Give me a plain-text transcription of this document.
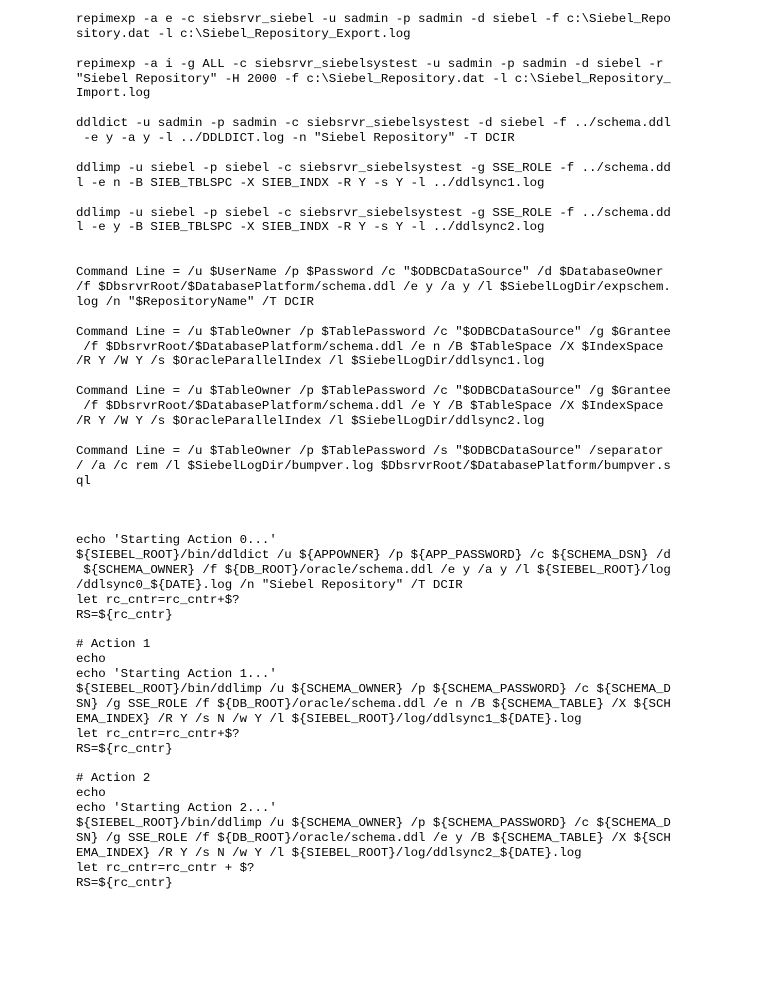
repimexp -a e -c siebsrvr_siebel -u sadmin -p sadmin -d siebel -f c:\Siebel_Repo
sitory.dat -l c:\Siebel_Repository_Export.log
repimexp -a i -g ALL -c siebsrvr_siebelsystest -u sadmin -p sadmin -d siebel -r
"Siebel Repository" -H 2000 -f c:\Siebel_Repository.dat -l c:\Siebel_Repository_
Import.log
ddldict -u sadmin -p sadmin -c siebsrvr_siebelsystest -d siebel -f ../schema.ddl
-e y -a y -l ../DDLDICT.log -n "Siebel Repository" -T DCIR
ddlimp -u siebel -p siebel -c siebsrvr_siebelsystest -g SSE_ROLE -f ../schema.dd
l -e n -B SIEB_TBLSPC -X SIEB_INDX -R Y -s Y -l ../ddlsync1.log
ddlimp -u siebel -p siebel -c siebsrvr_siebelsystest -g SSE_ROLE -f ../schema.dd
l -e y -B SIEB_TBLSPC -X SIEB_INDX -R Y -s Y -l ../ddlsync2.log
Command Line = /u $UserName /p $Password /c "$ODBCDataSource" /d $DatabaseOwner
/f $DbsrvrRoot/$DatabasePlatform/schema.ddl /e y /a y /l $SiebelLogDir/expschem.
log /n "$RepositoryName" /T DCIR
Command Line = /u $TableOwner /p $TablePassword /c "$ODBCDataSource" /g $Grantee
/f $DbsrvrRoot/$DatabasePlatform/schema.ddl /e n /B $TableSpace /X $IndexSpace
/R Y /W Y /s $OracleParallelIndex /l $SiebelLogDir/ddlsync1.log
Command Line = /u $TableOwner /p $TablePassword /c "$ODBCDataSource" /g $Grantee
/f $DbsrvrRoot/$DatabasePlatform/schema.ddl /e Y /B $TableSpace /X $IndexSpace
/R Y /W Y /s $OracleParallelIndex /l $SiebelLogDir/ddlsync2.log
Command Line = /u $TableOwner /p $TablePassword /s "$ODBCDataSource" /separator
/ /a /c rem /l $SiebelLogDir/bumpver.log $DbsrvrRoot/$DatabasePlatform/bumpver.s
ql
echo 'Starting Action 0...'
${SIEBEL_ROOT}/bin/ddldict /u ${APPOWNER} /p ${APP_PASSWORD} /c ${SCHEMA_DSN} /d
${SCHEMA_OWNER} /f ${DB_ROOT}/oracle/schema.ddl /e y /a y /l ${SIEBEL_ROOT}/log
/ddlsync0_${DATE}.log /n "Siebel Repository" /T DCIR
let rc_cntr=rc_cntr+$?
RS=${rc_cntr}
# Action 1
echo
echo 'Starting Action 1...'
${SIEBEL_ROOT}/bin/ddlimp /u ${SCHEMA_OWNER} /p ${SCHEMA_PASSWORD} /c ${SCHEMA_D
SN} /g SSE_ROLE /f ${DB_ROOT}/oracle/schema.ddl /e n /B ${SCHEMA_TABLE} /X ${SCH
EMA_INDEX} /R Y /s N /w Y /l ${SIEBEL_ROOT}/log/ddlsync1_${DATE}.log
let rc_cntr=rc_cntr+$?
RS=${rc_cntr}
# Action 2
echo
echo 'Starting Action 2...'
${SIEBEL_ROOT}/bin/ddlimp /u ${SCHEMA_OWNER} /p ${SCHEMA_PASSWORD} /c ${SCHEMA_D
SN} /g SSE_ROLE /f ${DB_ROOT}/oracle/schema.ddl /e y /B ${SCHEMA_TABLE} /X ${SCH
EMA_INDEX} /R Y /s N /w Y /l ${SIEBEL_ROOT}/log/ddlsync2_${DATE}.log
let rc_cntr=rc_cntr + $?
RS=${rc_cntr}
